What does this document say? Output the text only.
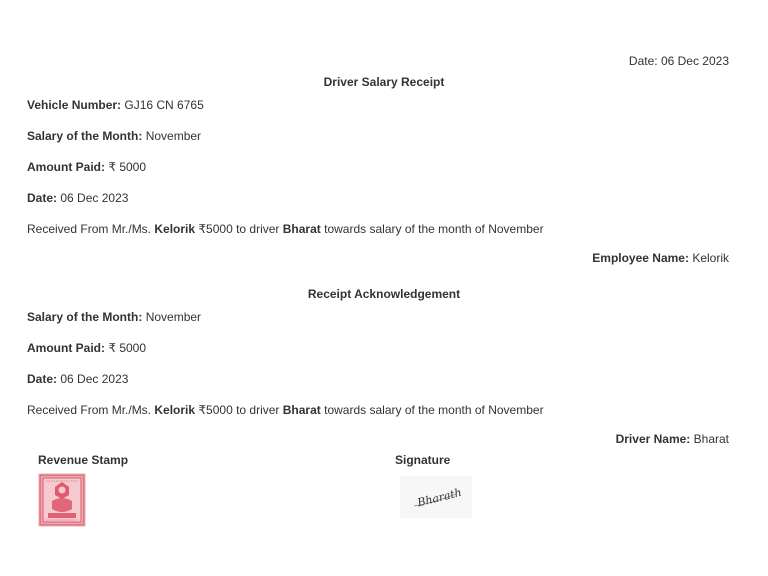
Date: 06 Dec 2023
Driver Salary Receipt
Vehicle Number: GJ16 CN 6765
Salary of the Month: November
Amount Paid: ₹ 5000
Date: 06 Dec 2023
Received From Mr./Ms. Kelorik ₹5000 to driver Bharat towards salary of the month of November
Employee Name: Kelorik
Receipt Acknowledgement
Salary of the Month: November
Amount Paid: ₹ 5000
Date: 06 Dec 2023
Received From Mr./Ms. Kelorik ₹5000 to driver Bharat towards salary of the month of November
Driver Name: Bharat
Revenue Stamp	Signature
Bharath
